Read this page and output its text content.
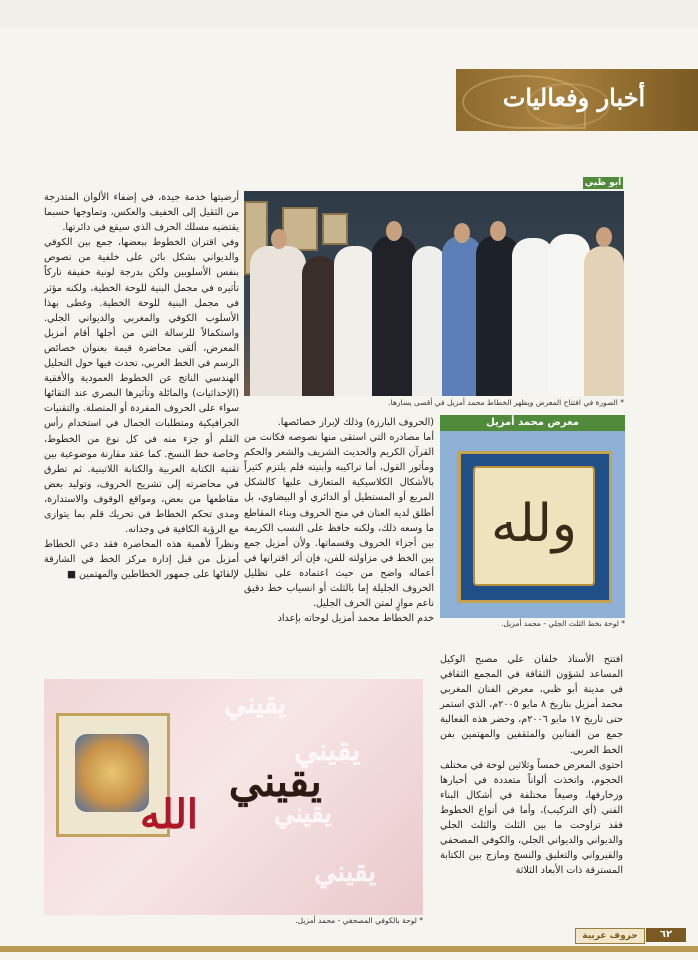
أخبار وفعاليات
أبو ظبي
* الصورة في افتتاح المعرض ويظهر الخطاط محمد أمزيل في أقصى يسارها.

أرضيتها خدمة جيدة، في إضفاء الألوان المتدرجة من الثقيل إلى الخفيف والعكس، وتماوجها حسبما يقتضيه مسلك الحرف الذي سيقع في دائرتها.

وفي اقتران الخطوط ببعضها، جمع بين الكوفي والديواني بشكل بائن على خلفية من نصوص بنفس الأسلوبين ولكن بدرجة لونية خفيفة تاركاً تأثيره في مجمل البنية للوحة الخطية، ولكنه مؤثر في مجمل البنية للوحة الخطية. وغطى بهذا الأسلوب الكوفي والمغربي والديواني الجلي. واستكمالاً للرسالة التي من أجلها أقام أمزيل المعرض، ألقى محاضرة قيمة بعنوان خصائص الرسم في الخط العربي، تحدث فيها حول التحليل الهندسي الناتج عن الخطوط العمودية والأفقية (الإحداثيات) والمائلة وتأثيرها البصري عند التقائها سواء على الحروف المفردة أو المتصلة. والتقنيات الجرافيكية ومتطلبات الجمال في استخدام رأس القلم أو جزء منه في كل نوع من الخطوط، وخاصة خط النسخ. كما عقد مقارنة موضوعية بين تقنية الكتابة العربية والكتابة اللاتينية. ثم تطرق في محاضرته إلى تشريح الحروف، وتوليد بعض مقاطعها من بعض، ومواقع الوقوف والاستدارة، ومدى تحكم الخطاط في تحريك قلم بما يتوازى مع الرؤية الكافية في وجدانه.

ونظراً لأهمية هذه المحاضرة فقد دعي الخطاط أمزيل من قبل إدارة مركز الخط في الشارقة لإلقائها على جمهور الخطاطين والمهتمين ■

(الحروف البارزة) وذلك لإبراز خصائصها.

أما مصادره التي استقى منها نصوصه فكانت من القرآن الكريم والحديث الشريف والشعر والحكم ومأثور القول، أما تراكيبه وأبنيته فلم يلتزم كثيراً بالأشكال الكلاسيكية المتعارف عليها كالشكل المربع أو المستطيل أو الدائري أو البيضاوي، بل أطلق لديه العنان في منح الحروف وبناء المقاطع ما وسعه ذلك، ولكنه حافظ على النسب الكريمة بين أجزاء الحروف وقسماتها. ولأن أمزيل جمع بين الخط في مزاولته للفن، فإن أثر اقترانها في أعماله واضح من حيث اعتماده على تظليل الحروف الجليلة إما بالثلث أو انسياب خط دقيق ناعم موازٍ لمتن الحرف الجليل.

خدم الخطاط محمد أمزيل لوحاته بإعداد

معرض محمد أمزيل
ولله
* لوحة بخط الثلث الجلي - محمد أمزيل.

افتتح الأستاذ خلفان علي مصبح الوكيل المساعد لشؤون الثقافة في المجمع الثقافي في مدينة أبو ظبي، معرض الفنان المغربي محمد أمزيل بتاريخ ٨ مايو ٢٠٠٥م، الذي استمر حتى تاريخ ١٧ مايو ٢٠٠٦م، وحضر هذه الفعالية جمع من الفنانين والمثقفين والمهتمين بفن الخط العربي.

احتوى المعرض خمساً وثلاثين لوحة في مختلف الحجوم، واتخذت ألواناً متعددة في أحبارها وزخارفها، وصيغاً مختلفة في أشكال البناء الفني (أي التركيب)، وأما في أنواع الخطوط فقد تراوحت ما بين الثلث والثلث الجلي والديواني والديواني الجلي، والكوفي المصحفي والقيرواني والتعليق والنسخ ومازج بين الكتابة المسترقة ذات الأبعاد الثلاثة

يقيني
يقيني
يقيني
يقيني
يقيني
الله
* لوحة بالكوفي المصحفي - محمد أمزيل.
حروف عربية	٦٢
